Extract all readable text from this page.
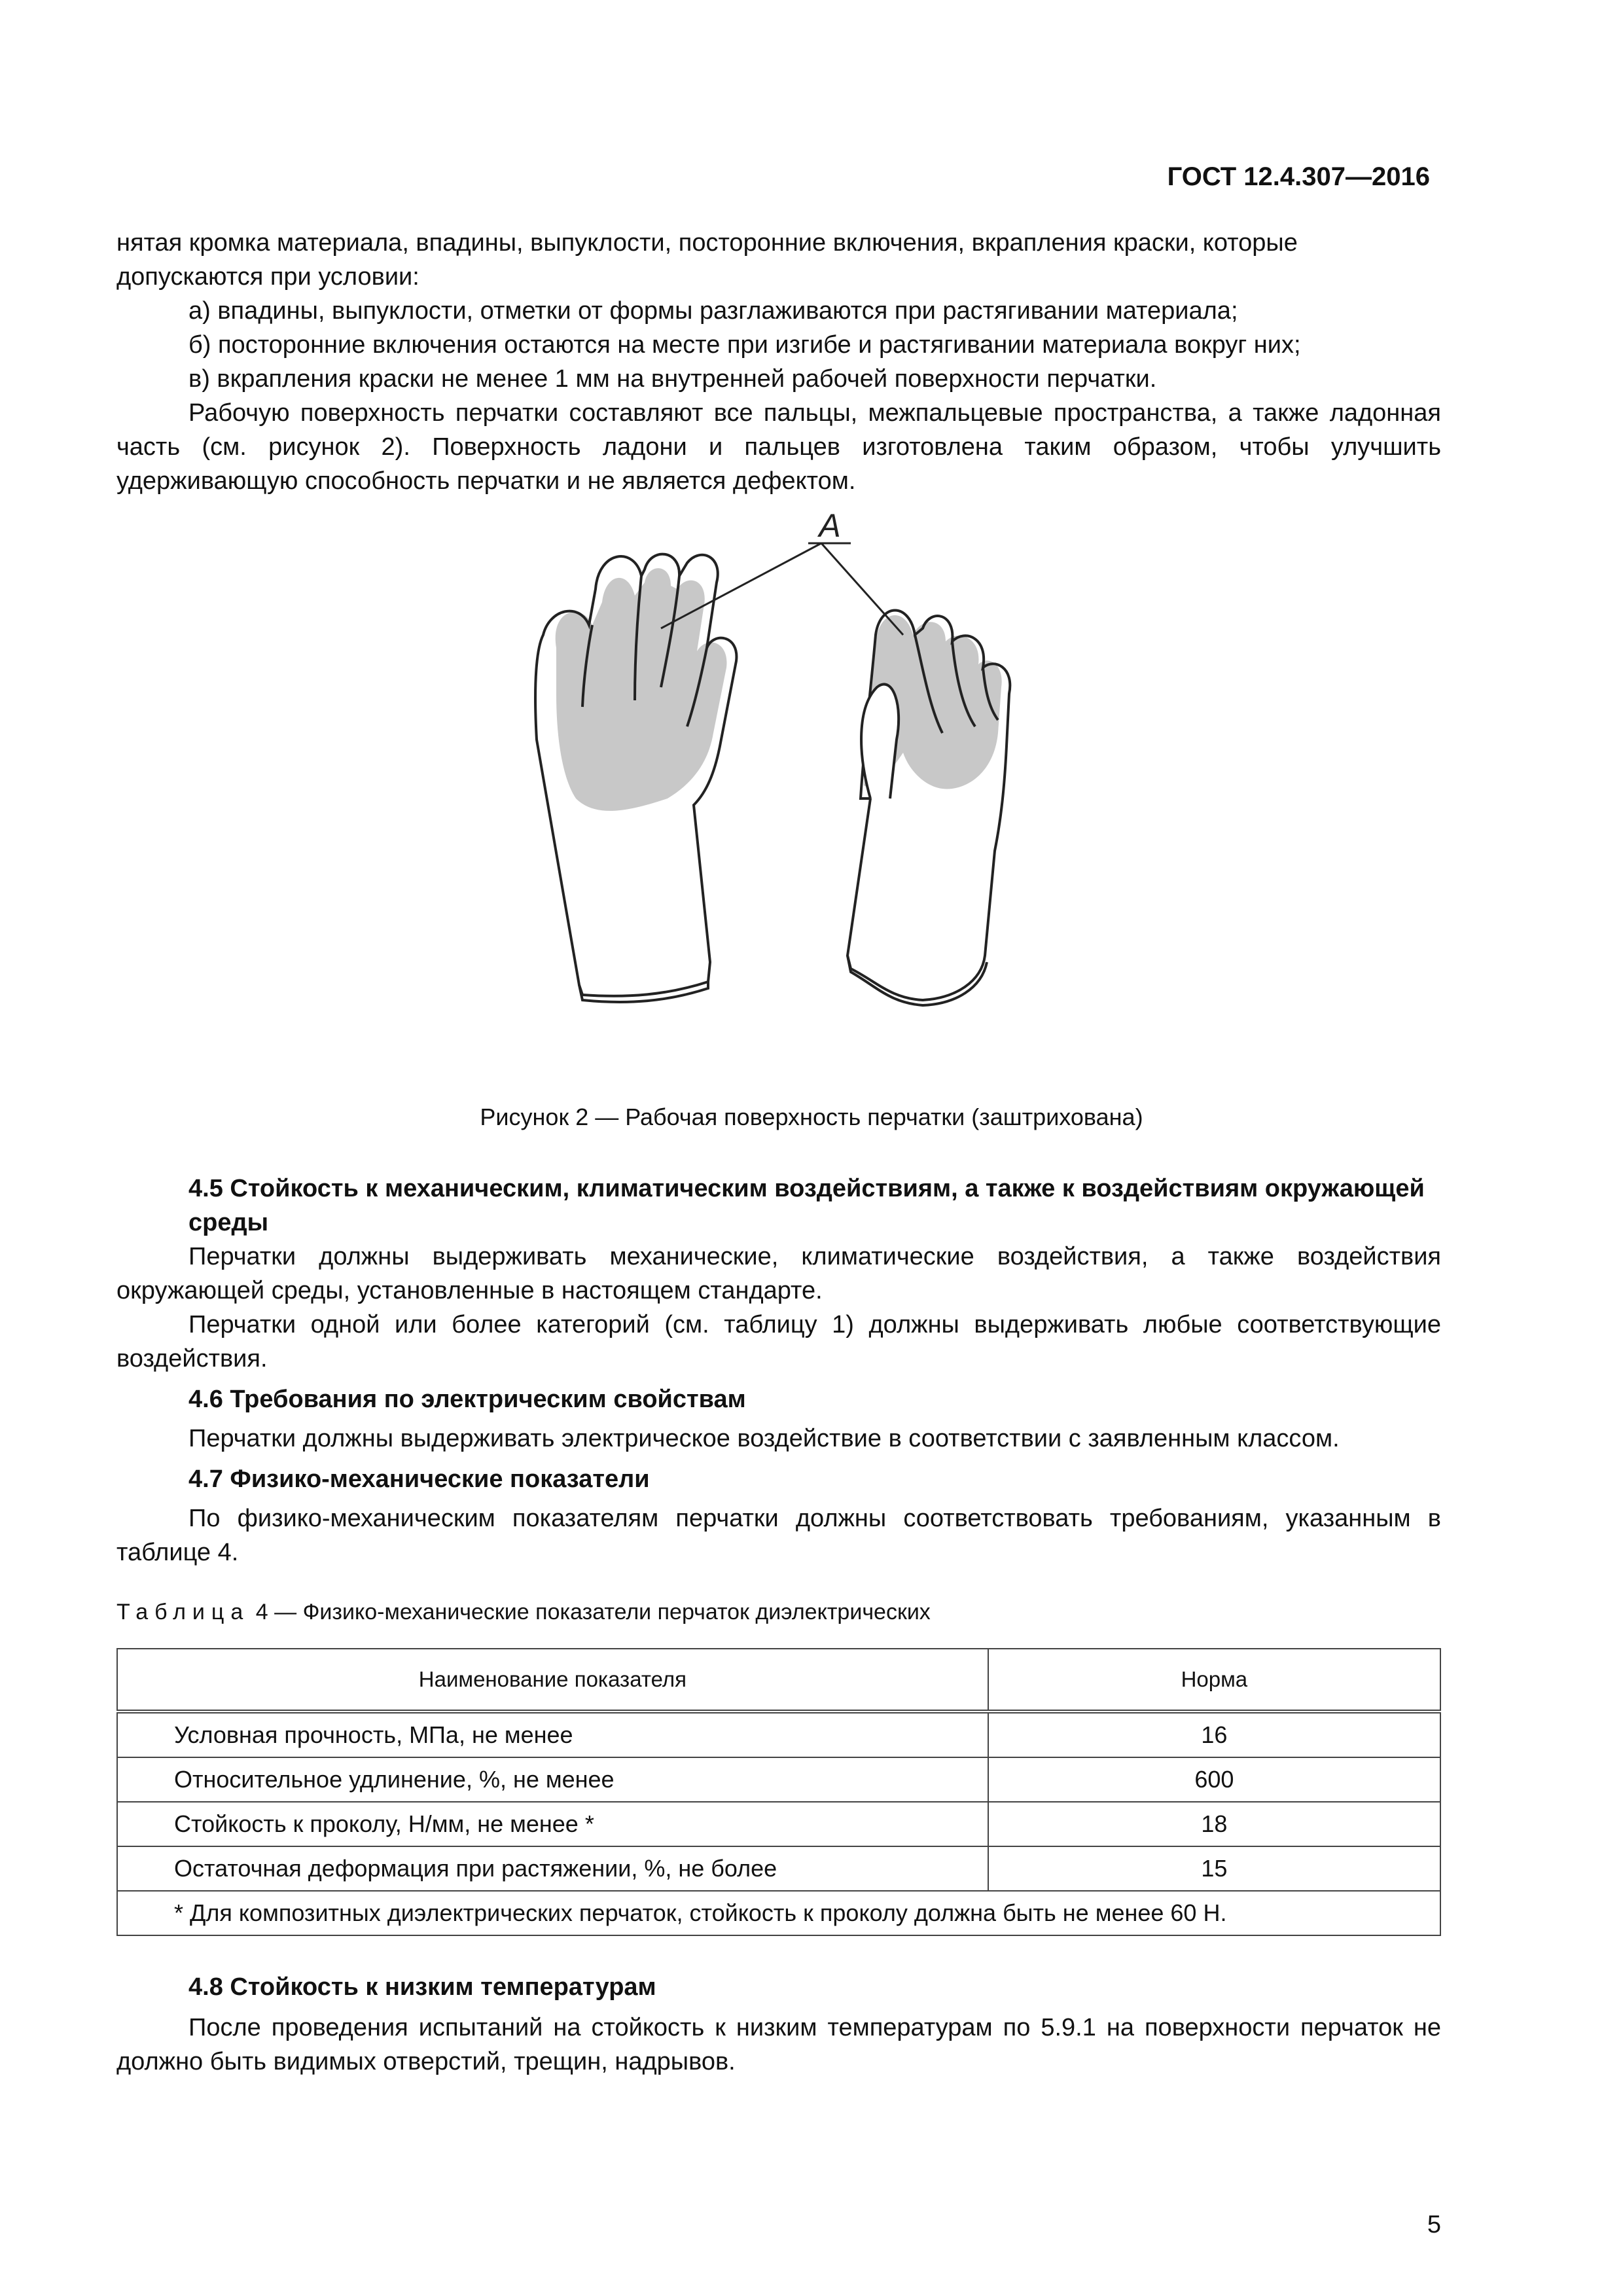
ГОСТ 12.4.307—2016

нятая кромка материала, впадины, выпуклости, посторонние включения, вкрапления краски, которые

допускаются при условии:

а) впадины, выпуклости, отметки от формы разглаживаются при растягивании материала;

б) посторонние включения остаются на месте при изгибе и растягивании материала вокруг них;

в) вкрапления краски не менее 1 мм на внутренней рабочей поверхности перчатки.

Рабочую поверхность перчатки составляют все пальцы, межпальцевые пространства, а также ладонная часть (см. рисунок 2). Поверхность ладони и пальцев изготовлена таким образом, чтобы улучшить удерживающую способность перчатки и не является дефектом.

A
Рисунок 2 — Рабочая поверхность перчатки (заштрихована)

4.5 Стойкость к механическим, климатическим воздействиям, а также к воздействиям окружающей среды

Перчатки должны выдерживать механические, климатические воздействия, а также воздействия окружающей среды, установленные в настоящем стандарте.

Перчатки одной или более категорий (см. таблицу 1) должны выдерживать любые соответствующие воздействия.

4.6 Требования по электрическим свойствам

Перчатки должны выдерживать электрическое воздействие в соответствии с заявленным классом.

4.7 Физико-механические показатели

По физико-механическим показателям перчатки должны соответствовать требованиям, указанным в таблице 4.

Таблица 4 — Физико-механические показатели перчаток диэлектрических
Наименование показателя	Норма
Условная прочность, МПа, не менее	16
Относительное удлинение, %, не менее	600
Стойкость к проколу, Н/мм, не менее *	18
Остаточная деформация при растяжении, %, не более	15
* Для композитных диэлектрических перчаток, стойкость к проколу должна быть не менее 60 Н.	

4.8 Стойкость к низким температурам

После проведения испытаний на стойкость к низким температурам по 5.9.1 на поверхности перчаток не должно быть видимых отверстий, трещин, надрывов.

5
